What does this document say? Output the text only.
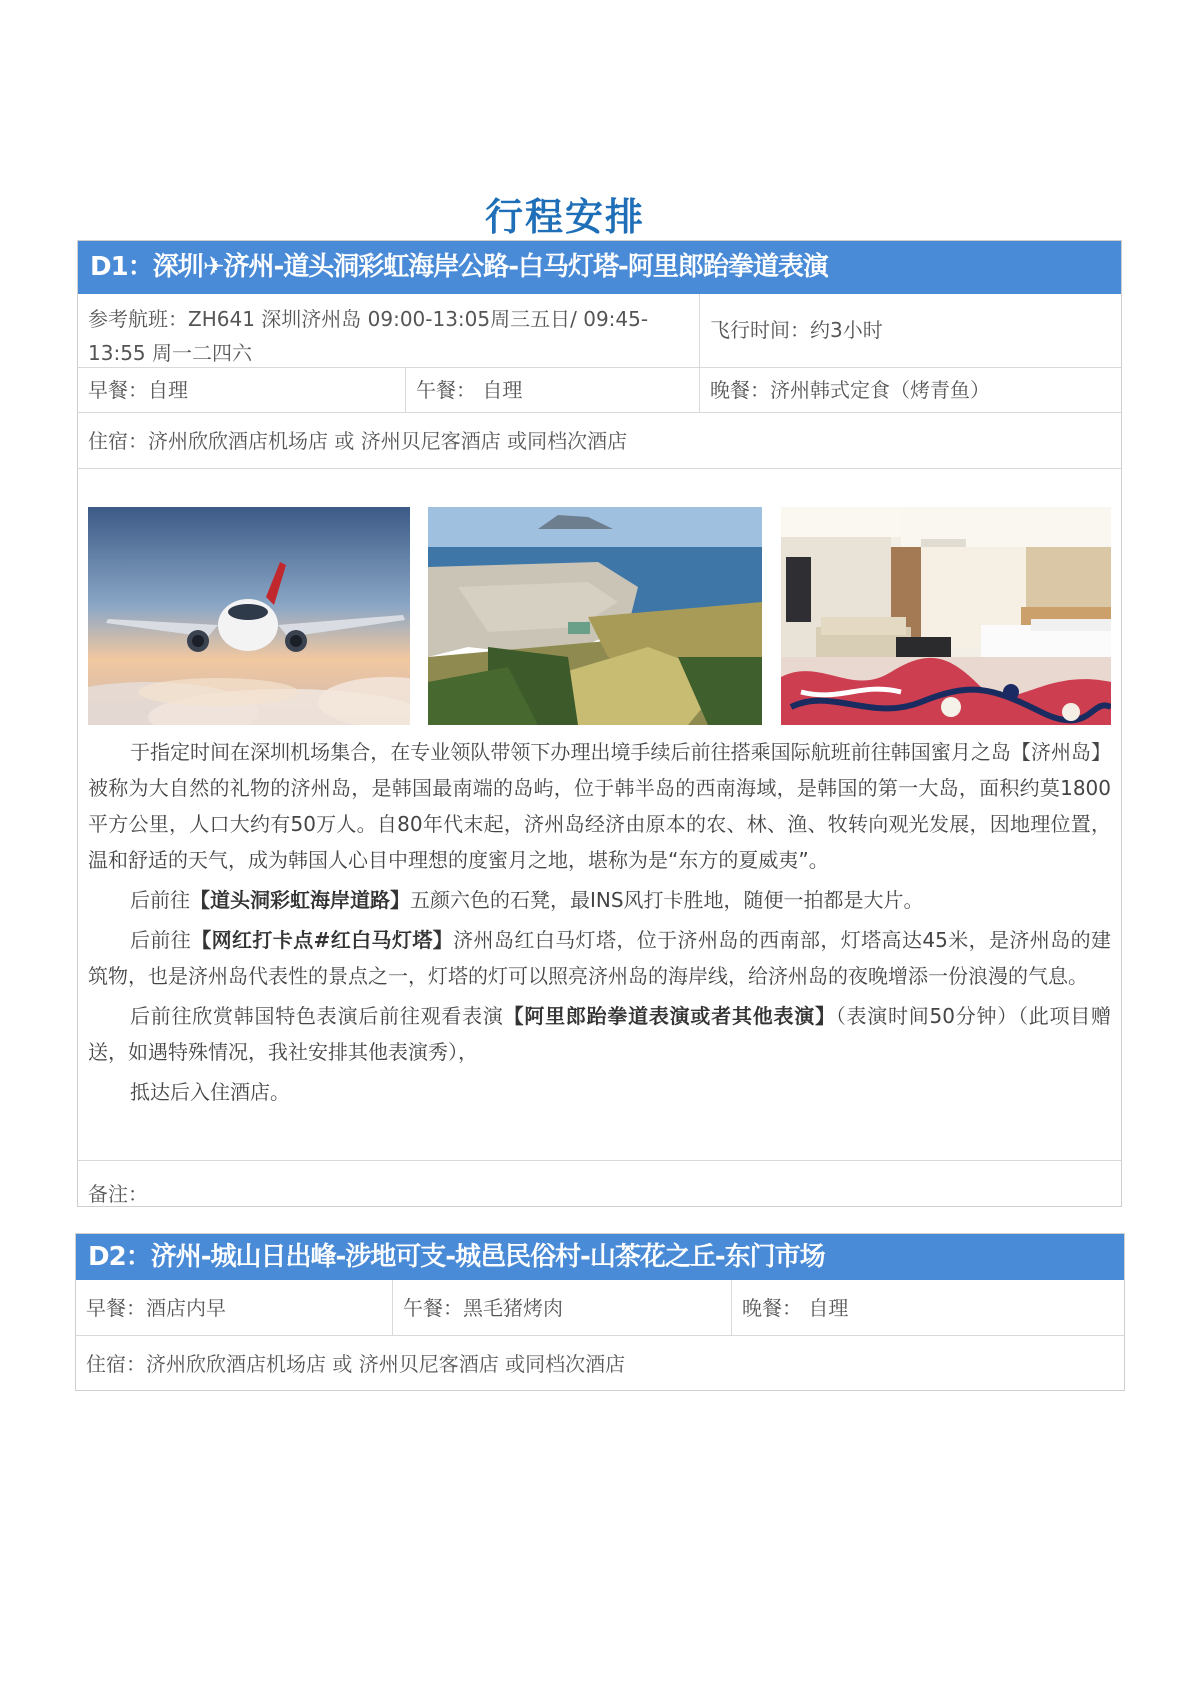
行程安排
D1：深圳✈济州-道头洞彩虹海岸公路-白马灯塔-阿里郎跆拳道表演
参考航班：ZH641 深圳济州岛 09:00-13:05周三五日/ 09:45-13:55 周一二四六
飞行时间：约3小时
早餐：自理	午餐： 自理	晚餐：济州韩式定食（烤青鱼）
住宿：济州欣欣酒店机场店 或 济州贝尼客酒店 或同档次酒店

于指定时间在深圳机场集合，在专业领队带领下办理出境手续后前往搭乘国际航班前往韩国蜜月之岛【济州岛】被称为大自然的礼物的济州岛，是韩国最南端的岛屿，位于韩半岛的西南海域，是韩国的第一大岛，面积约莫1800平方公里，人口大约有50万人。自80年代末起，济州岛经济由原本的农、林、渔、牧转向观光发展，因地理位置，温和舒适的天气，成为韩国人心目中理想的度蜜月之地，堪称为是“东方的夏威夷”。

后前往【道头洞彩虹海岸道路】五颜六色的石凳，最INS风打卡胜地，随便一拍都是大片。

后前往【网红打卡点#红白马灯塔】济州岛红白马灯塔，位于济州岛的西南部，灯塔高达45米，是济州岛的建筑物，也是济州岛代表性的景点之一，灯塔的灯可以照亮济州岛的海岸线，给济州岛的夜晚增添一份浪漫的气息。

后前往欣赏韩国特色表演后前往观看表演【阿里郎跆拳道表演或者其他表演】（表演时间50分钟）（此项目赠送，如遇特殊情况，我社安排其他表演秀），

抵达后入住酒店。

备注：
D2：济州-城山日出峰-涉地可支-城邑民俗村-山茶花之丘-东门市场
早餐：酒店内早	午餐：黑毛猪烤肉	晚餐： 自理
住宿：济州欣欣酒店机场店 或 济州贝尼客酒店 或同档次酒店
